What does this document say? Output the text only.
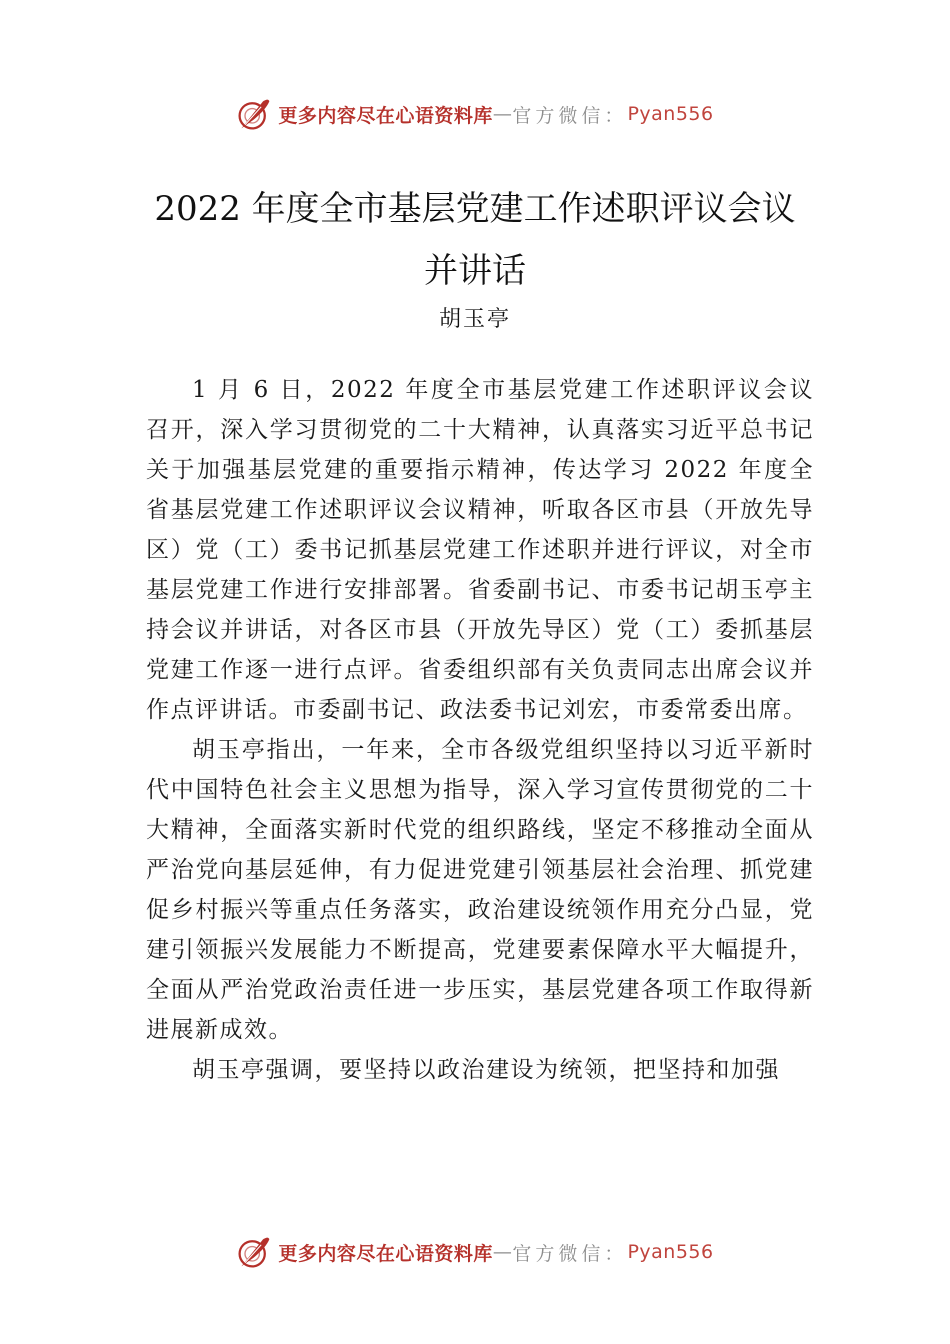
更多内容尽在心语资料库 — 官方微信： Pyan556
2022 年度全市基层党建工作述职评议会议
并讲话
胡玉亭

1 月 6 日，2022 年度全市基层党建工作述职评议会议召开，深入学习贯彻党的二十大精神，认真落实习近平总书记关于加强基层党建的重要指示精神，传达学习 2022 年度全省基层党建工作述职评议会议精神，听取各区市县（开放先导区）党（工）委书记抓基层党建工作述职并进行评议，对全市基层党建工作进行安排部署。省委副书记、市委书记胡玉亭主持会议并讲话，对各区市县（开放先导区）党（工）委抓基层党建工作逐一进行点评。省委组织部有关负责同志出席会议并作点评讲话。市委副书记、政法委书记刘宏，市委常委出席。

胡玉亭指出，一年来，全市各级党组织坚持以习近平新时代中国特色社会主义思想为指导，深入学习宣传贯彻党的二十大精神，全面落实新时代党的组织路线，坚定不移推动全面从严治党向基层延伸，有力促进党建引领基层社会治理、抓党建促乡村振兴等重点任务落实，政治建设统领作用充分凸显，党建引领振兴发展能力不断提高，党建要素保障水平大幅提升，全面从严治党政治责任进一步压实，基层党建各项工作取得新进展新成效。

胡玉亭强调，要坚持以政治建设为统领，把坚持和加强

更多内容尽在心语资料库 — 官方微信： Pyan556
